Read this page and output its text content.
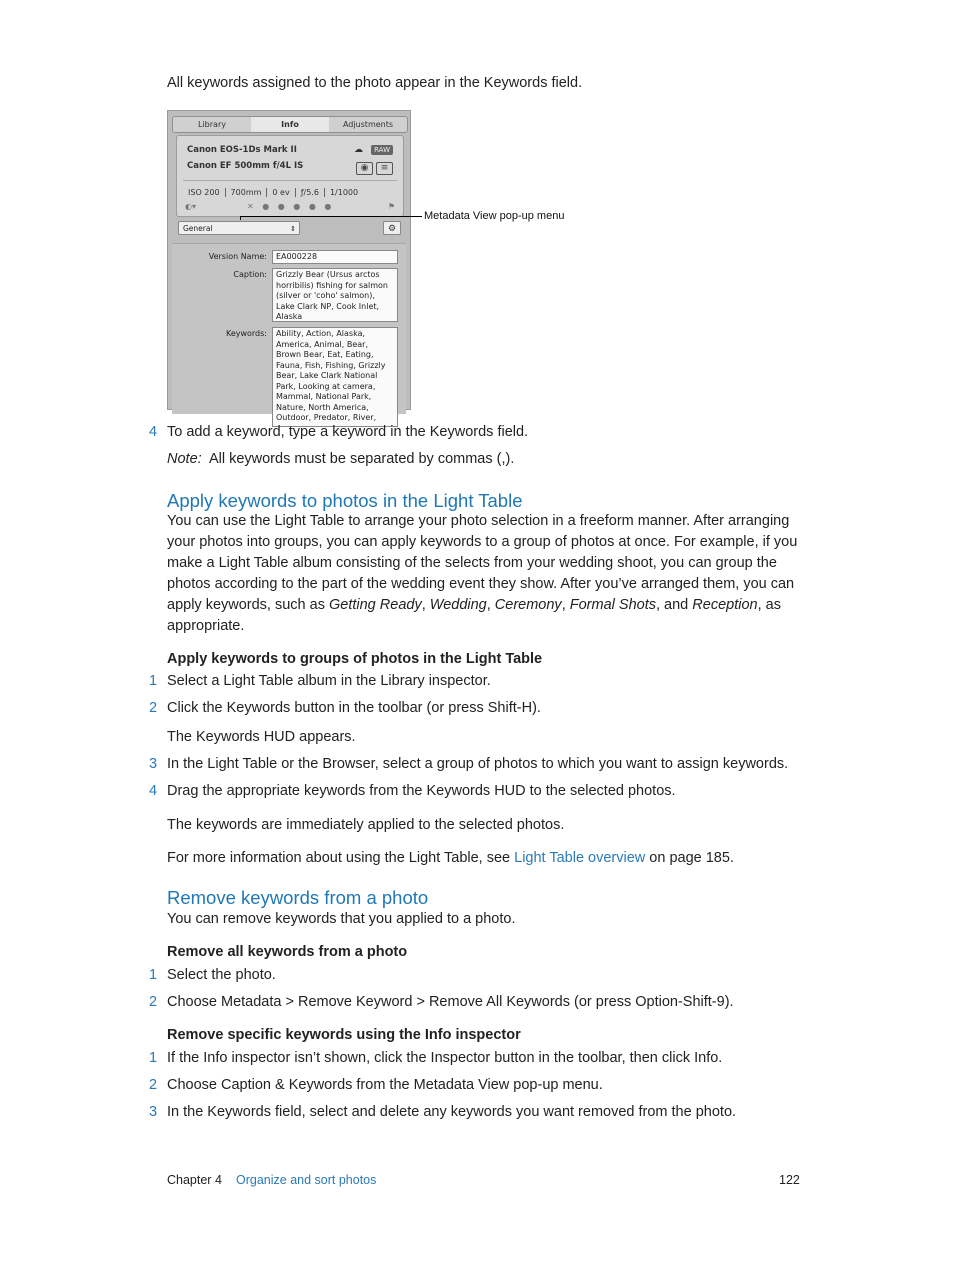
All keywords assigned to the photo appear in the Keywords field.

Library	Info	Adjustments
Canon EOS-1Ds Mark II
Canon EF 500mm f/4L IS
☁	RAW
◉	≡
ISO 200	700mm	0 ev	ƒ/5.6	1/1000
◐▾	✕ ● ● ● ● ●	⚑
General	⇕	⚙
Version Name:	EA000228
Caption:	Grizzly Bear (Ursus arctos horribilis) fishing for salmon (silver or 'coho' salmon), Lake Clark NP, Cook Inlet, Alaska
Keywords:	Ability, Action, Alaska, America, Animal, Bear, Brown Bear, Eat, Eating, Fauna, Fish, Fishing, Grizzly Bear, Lake Clark National Park, Looking at camera, Mammal, National Park, Nature, North America, Outdoor, Predator, River,
Metadata View pop-up menu
4 To add a keyword, type a keyword in the Keywords field.

Note: All keywords must be separated by commas (,).

Apply keywords to photos in the Light Table

You can use the Light Table to arrange your photo selection in a freeform manner. After arranging your photos into groups, you can apply keywords to a group of photos at once. For example, if you make a Light Table album consisting of the selects from your wedding shoot, you can group the photos according to the part of the wedding event they show. After you’ve arranged them, you can apply keywords, such as Getting Ready, Wedding, Ceremony, Formal Shots, and Reception, as appropriate.

Apply keywords to groups of photos in the Light Table
1 Select a Light Table album in the Library inspector.

2 Click the Keywords button in the toolbar (or press Shift-H).

The Keywords HUD appears.

3 In the Light Table or the Browser, select a group of photos to which you want to assign keywords.

4 Drag the appropriate keywords from the Keywords HUD to the selected photos.

The keywords are immediately applied to the selected photos.

For more information about using the Light Table, see Light Table overview on page 185.

Remove keywords from a photo

You can remove keywords that you applied to a photo.

Remove all keywords from a photo
1 Select the photo.

2 Choose Metadata > Remove Keyword > Remove All Keywords (or press Option-Shift-9).

Remove specific keywords using the Info inspector
1 If the Info inspector isn’t shown, click the Inspector button in the toolbar, then click Info.

2 Choose Caption & Keywords from the Metadata View pop-up menu.

3 In the Keywords field, select and delete any keywords you want removed from the photo.

Chapter 4 Organize and sort photos	122
